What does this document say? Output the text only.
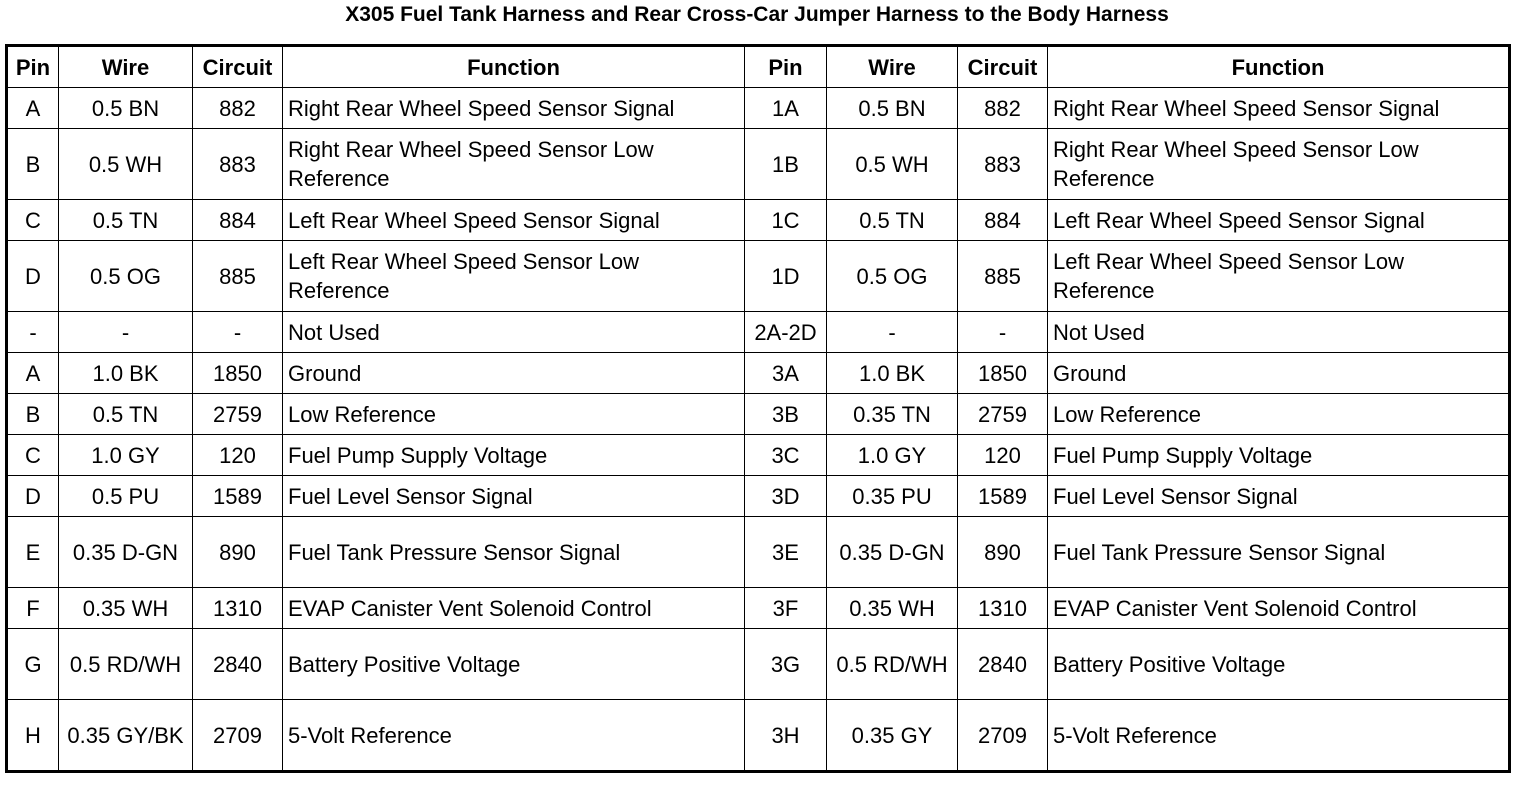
X305 Fuel Tank Harness and Rear Cross-Car Jumper Harness to the Body Harness
Pin	Wire	Circuit	Function	Pin	Wire	Circuit	Function
A	0.5 BN	882	Right Rear Wheel Speed Sensor Signal	1A	0.5 BN	882	Right Rear Wheel Speed Sensor Signal
B	0.5 WH	883	Right Rear Wheel Speed Sensor Low Reference	1B	0.5 WH	883	Right Rear Wheel Speed Sensor Low Reference
C	0.5 TN	884	Left Rear Wheel Speed Sensor Signal	1C	0.5 TN	884	Left Rear Wheel Speed Sensor Signal
D	0.5 OG	885	Left Rear Wheel Speed Sensor Low Reference	1D	0.5 OG	885	Left Rear Wheel Speed Sensor Low Reference
-	-	-	Not Used	2A-2D	-	-	Not Used
A	1.0 BK	1850	Ground	3A	1.0 BK	1850	Ground
B	0.5 TN	2759	Low Reference	3B	0.35 TN	2759	Low Reference
C	1.0 GY	120	Fuel Pump Supply Voltage	3C	1.0 GY	120	Fuel Pump Supply Voltage
D	0.5 PU	1589	Fuel Level Sensor Signal	3D	0.35 PU	1589	Fuel Level Sensor Signal
E	0.35 D-GN	890	Fuel Tank Pressure Sensor Signal	3E	0.35 D-GN	890	Fuel Tank Pressure Sensor Signal
F	0.35 WH	1310	EVAP Canister Vent Solenoid Control	3F	0.35 WH	1310	EVAP Canister Vent Solenoid Control
G	0.5 RD/WH	2840	Battery Positive Voltage	3G	0.5 RD/WH	2840	Battery Positive Voltage
H	0.35 GY/BK	2709	5-Volt Reference	3H	0.35 GY	2709	5-Volt Reference
